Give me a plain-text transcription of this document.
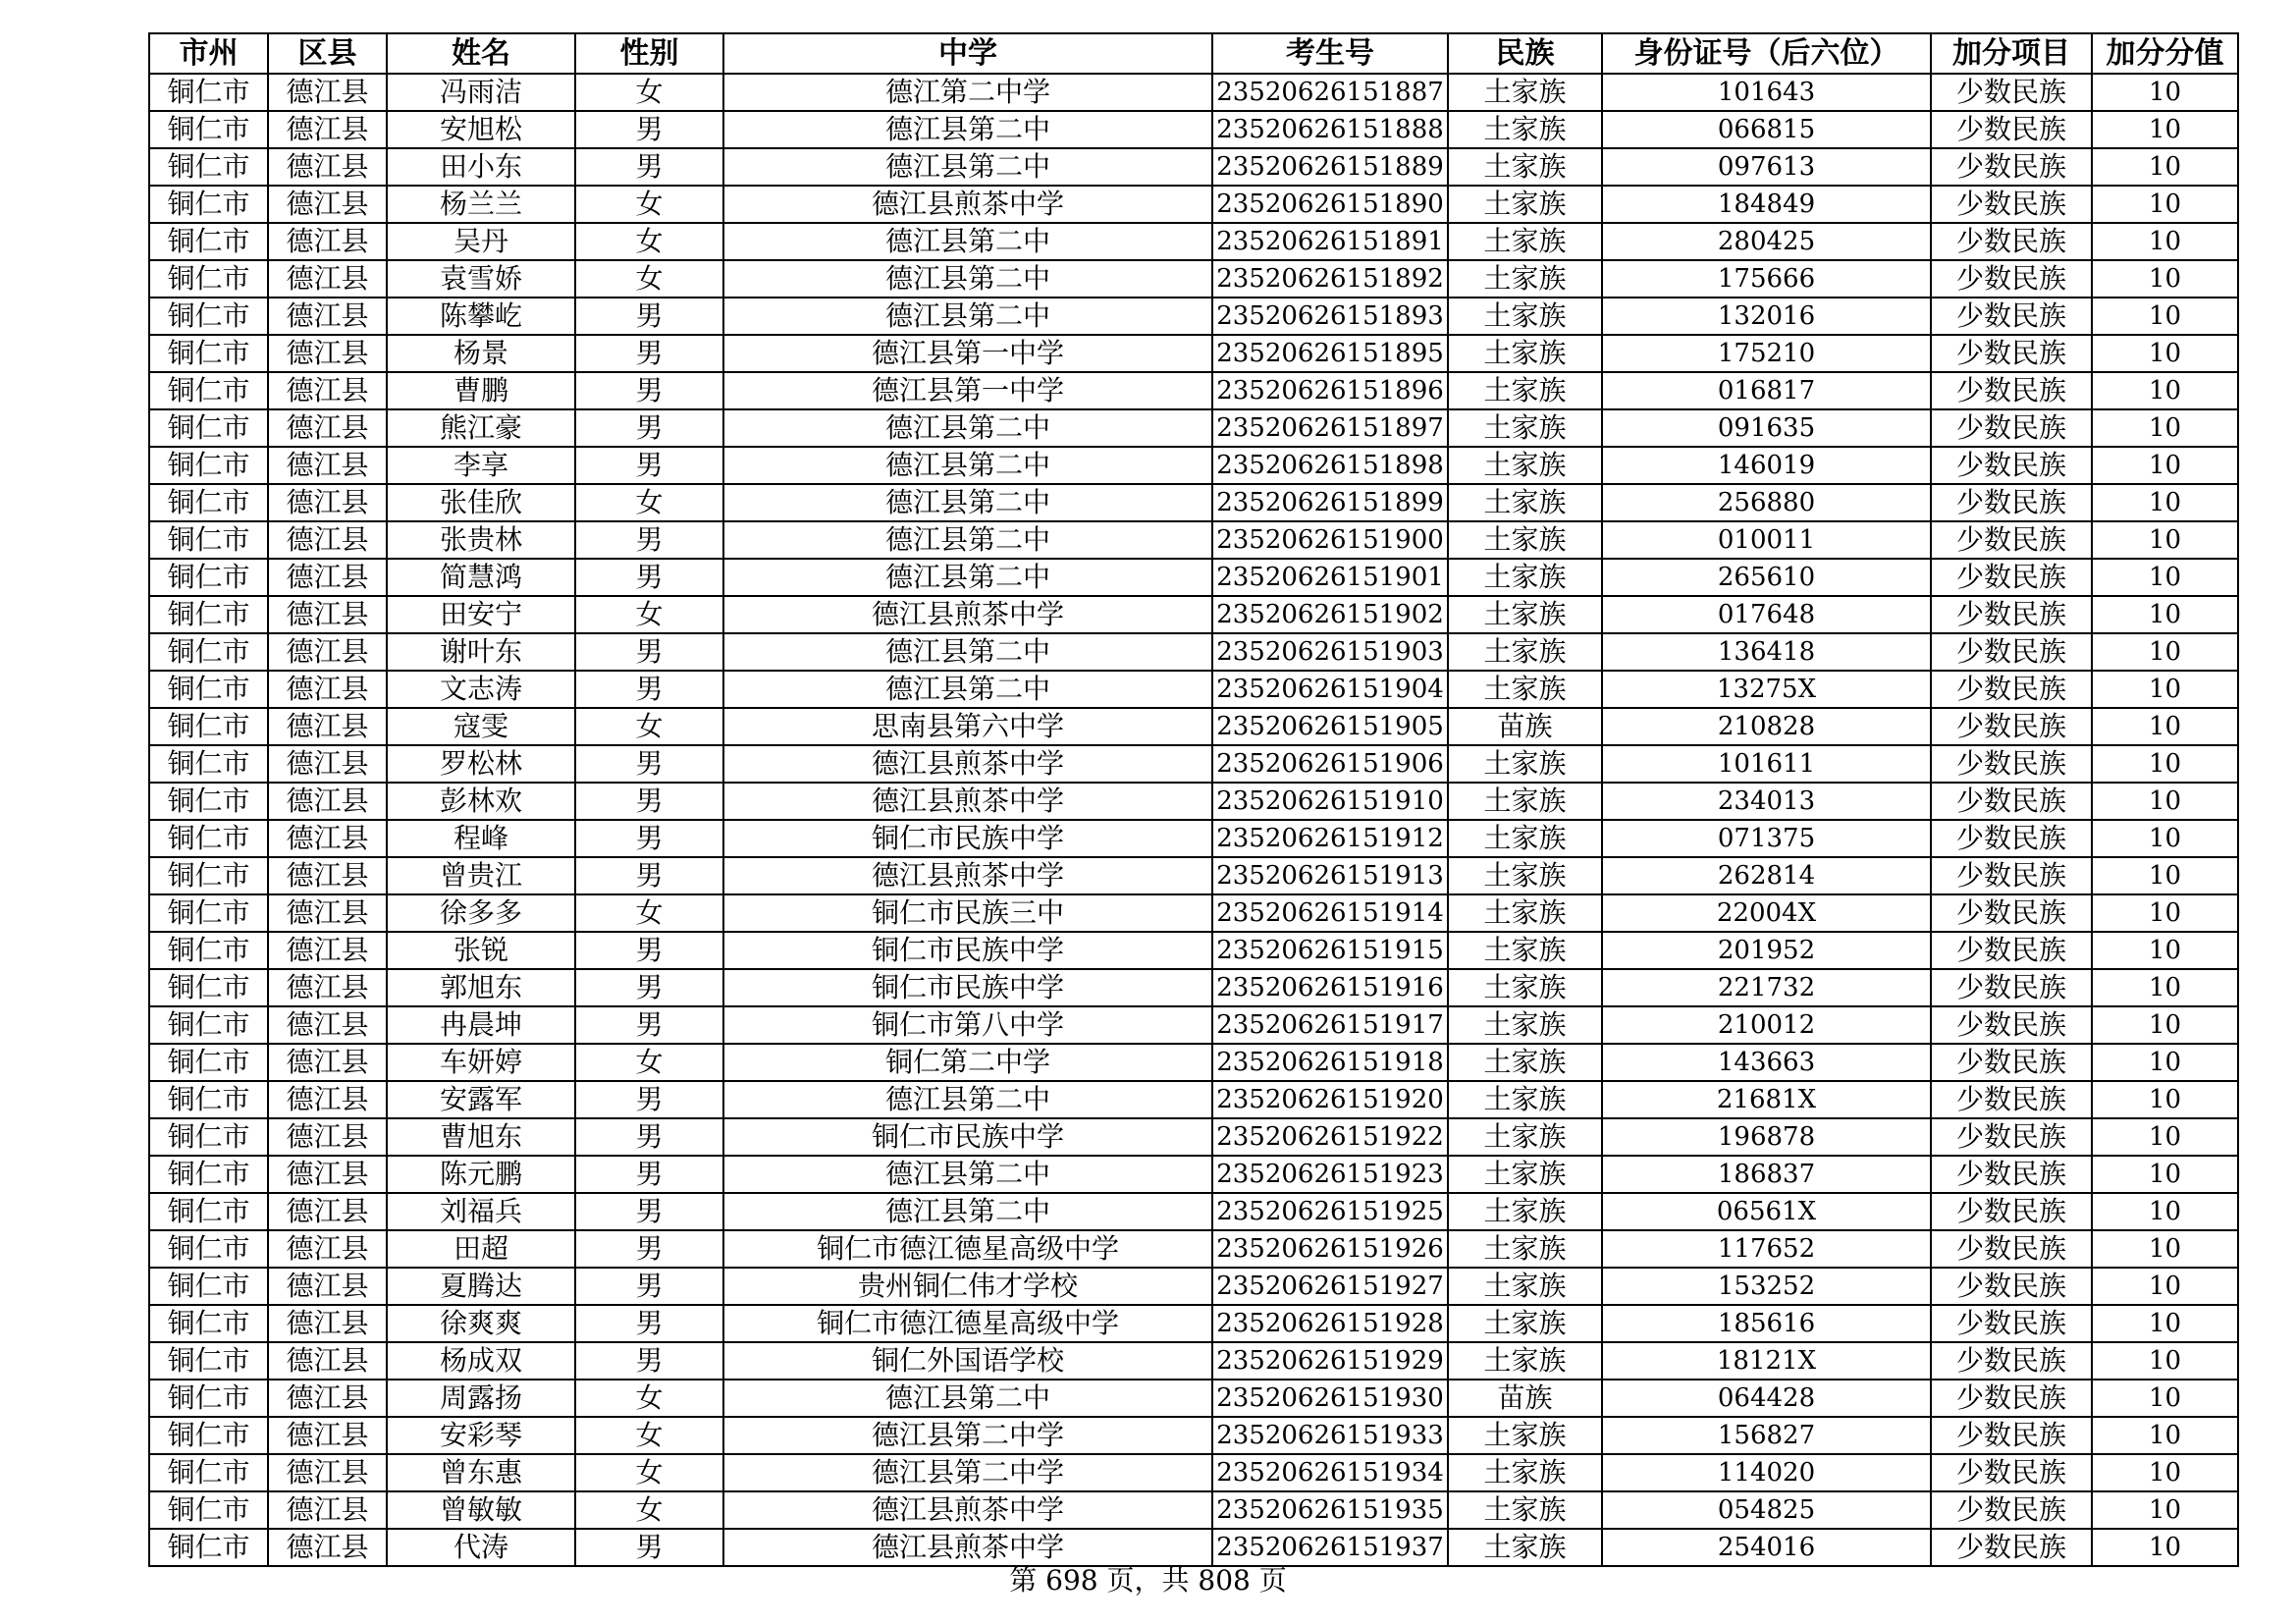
市州	区县	姓名	性别	中学	考生号	民族	身份证号（后六位）	加分项目	加分分值
铜仁市	德江县	冯雨洁	女	德江第二中学	23520626151887	土家族	101643	少数民族	10
铜仁市	德江县	安旭松	男	德江县第二中	23520626151888	土家族	066815	少数民族	10
铜仁市	德江县	田小东	男	德江县第二中	23520626151889	土家族	097613	少数民族	10
铜仁市	德江县	杨兰兰	女	德江县煎茶中学	23520626151890	土家族	184849	少数民族	10
铜仁市	德江县	吴丹	女	德江县第二中	23520626151891	土家族	280425	少数民族	10
铜仁市	德江县	袁雪娇	女	德江县第二中	23520626151892	土家族	175666	少数民族	10
铜仁市	德江县	陈攀屹	男	德江县第二中	23520626151893	土家族	132016	少数民族	10
铜仁市	德江县	杨景	男	德江县第一中学	23520626151895	土家族	175210	少数民族	10
铜仁市	德江县	曹鹏	男	德江县第一中学	23520626151896	土家族	016817	少数民族	10
铜仁市	德江县	熊江豪	男	德江县第二中	23520626151897	土家族	091635	少数民族	10
铜仁市	德江县	李享	男	德江县第二中	23520626151898	土家族	146019	少数民族	10
铜仁市	德江县	张佳欣	女	德江县第二中	23520626151899	土家族	256880	少数民族	10
铜仁市	德江县	张贵林	男	德江县第二中	23520626151900	土家族	010011	少数民族	10
铜仁市	德江县	简慧鸿	男	德江县第二中	23520626151901	土家族	265610	少数民族	10
铜仁市	德江县	田安宁	女	德江县煎茶中学	23520626151902	土家族	017648	少数民族	10
铜仁市	德江县	谢叶东	男	德江县第二中	23520626151903	土家族	136418	少数民族	10
铜仁市	德江县	文志涛	男	德江县第二中	23520626151904	土家族	13275X	少数民族	10
铜仁市	德江县	寇雯	女	思南县第六中学	23520626151905	苗族	210828	少数民族	10
铜仁市	德江县	罗松林	男	德江县煎茶中学	23520626151906	土家族	101611	少数民族	10
铜仁市	德江县	彭林欢	男	德江县煎茶中学	23520626151910	土家族	234013	少数民族	10
铜仁市	德江县	程峰	男	铜仁市民族中学	23520626151912	土家族	071375	少数民族	10
铜仁市	德江县	曾贵江	男	德江县煎茶中学	23520626151913	土家族	262814	少数民族	10
铜仁市	德江县	徐多多	女	铜仁市民族三中	23520626151914	土家族	22004X	少数民族	10
铜仁市	德江县	张锐	男	铜仁市民族中学	23520626151915	土家族	201952	少数民族	10
铜仁市	德江县	郭旭东	男	铜仁市民族中学	23520626151916	土家族	221732	少数民族	10
铜仁市	德江县	冉晨坤	男	铜仁市第八中学	23520626151917	土家族	210012	少数民族	10
铜仁市	德江县	车妍婷	女	铜仁第二中学	23520626151918	土家族	143663	少数民族	10
铜仁市	德江县	安露军	男	德江县第二中	23520626151920	土家族	21681X	少数民族	10
铜仁市	德江县	曹旭东	男	铜仁市民族中学	23520626151922	土家族	196878	少数民族	10
铜仁市	德江县	陈元鹏	男	德江县第二中	23520626151923	土家族	186837	少数民族	10
铜仁市	德江县	刘福兵	男	德江县第二中	23520626151925	土家族	06561X	少数民族	10
铜仁市	德江县	田超	男	铜仁市德江德星高级中学	23520626151926	土家族	117652	少数民族	10
铜仁市	德江县	夏腾达	男	贵州铜仁伟才学校	23520626151927	土家族	153252	少数民族	10
铜仁市	德江县	徐爽爽	男	铜仁市德江德星高级中学	23520626151928	土家族	185616	少数民族	10
铜仁市	德江县	杨成双	男	铜仁外国语学校	23520626151929	土家族	18121X	少数民族	10
铜仁市	德江县	周露扬	女	德江县第二中	23520626151930	苗族	064428	少数民族	10
铜仁市	德江县	安彩琴	女	德江县第二中学	23520626151933	土家族	156827	少数民族	10
铜仁市	德江县	曾东惠	女	德江县第二中学	23520626151934	土家族	114020	少数民族	10
铜仁市	德江县	曾敏敏	女	德江县煎茶中学	23520626151935	土家族	054825	少数民族	10
铜仁市	德江县	代涛	男	德江县煎茶中学	23520626151937	土家族	254016	少数民族	10
第 698 页，共 808 页
